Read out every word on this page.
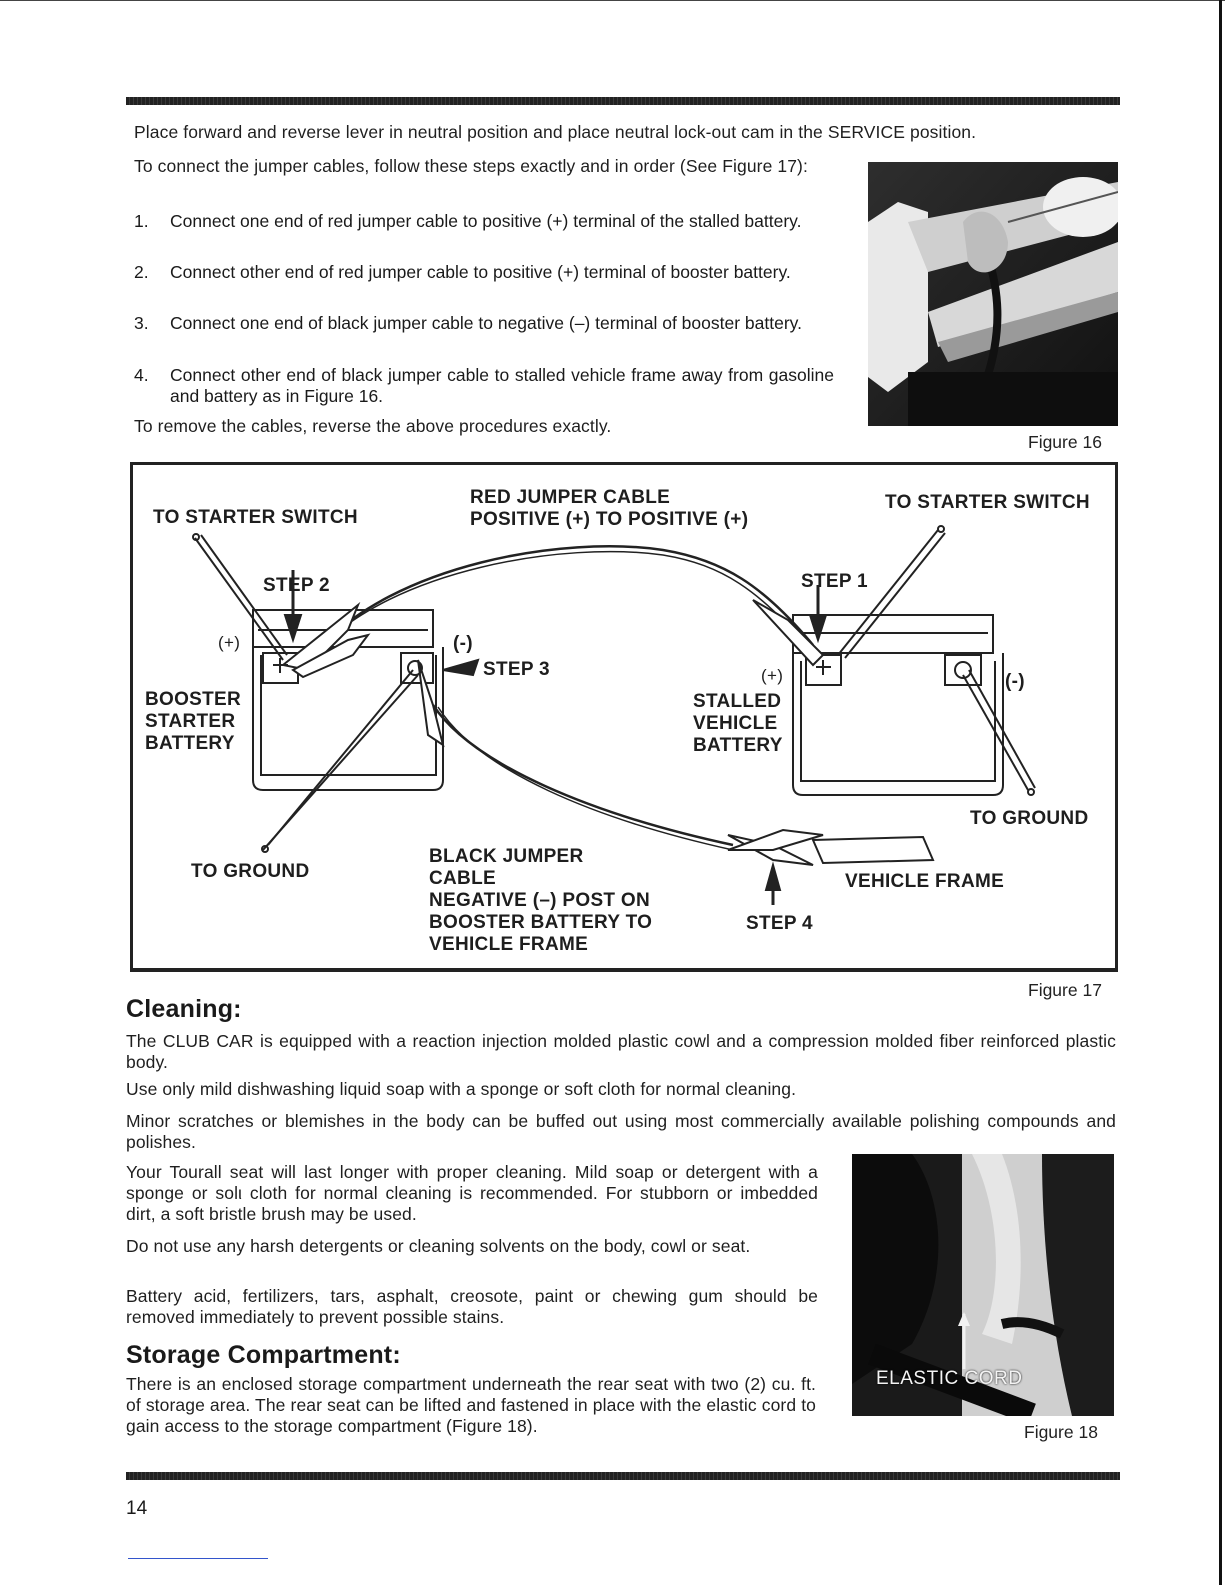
Place forward and reverse lever in neutral position and place neutral lock-out cam in the SERVICE position.

To connect the jumper cables, follow these steps exactly and in order (See Figure 17):

1. Connect one end of red jumper cable to positive (+) terminal of the stalled battery.
2. Connect other end of red jumper cable to positive (+) terminal of booster battery.
3. Connect one end of black jumper cable to negative (–) terminal of booster battery.
4. Connect other end of black jumper cable to stalled vehicle frame away from gasoline and battery as in Figure 16.

To remove the cables, reverse the above procedures exactly.

Figure 16
TO STARTER SWITCH
RED JUMPER CABLE
POSITIVE (+) TO POSITIVE (+)
TO STARTER SWITCH
STEP 2	STEP 1
STEP 3
STEP 4
(+)	(-)
(+)	(-)
BOOSTER
STARTER
BATTERY
STALLED
VEHICLE
BATTERY
TO GROUND
TO GROUND
BLACK JUMPER
CABLE
NEGATIVE (–) POST ON
BOOSTER BATTERY TO
VEHICLE FRAME
VEHICLE FRAME
Figure 17
Cleaning:

The CLUB CAR is equipped with a reaction injection molded plastic cowl and a compression molded fiber reinforced plastic body.

Use only mild dishwashing liquid soap with a sponge or soft cloth for normal cleaning.

Minor scratches or blemishes in the body can be buffed out using most commercially available polishing compounds and polishes.

Your Tourall seat will last longer with proper cleaning. Mild soap or detergent with a sponge or sοlι cloth for normal cleaning is recommended. For stubborn or imbedded dirt, a soft bristle brush may be used.

Do not use any harsh detergents or cleaning solvents on the body, cowl or seat.

Battery acid, fertilizers, tars, asphalt, creosote, paint or chewing gum should be removed immediately to prevent possible stains.

Storage Compartment:

There is an enclosed storage compartment underneath the rear seat with two (2) cu. ft. of storage area. The rear seat can be lifted and fastened in place with the elastic cord to gain access to the storage compartment (Figure 18).

ELASTIC CORD
Figure 18
14
